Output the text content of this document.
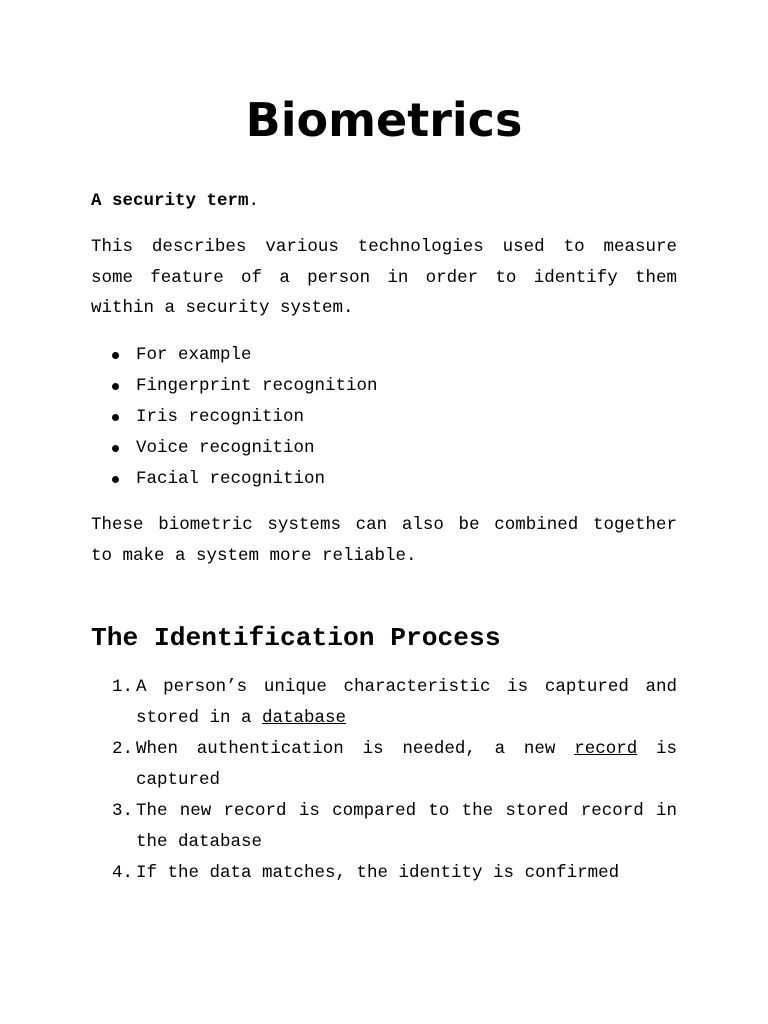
Biometrics

A security term.

This describes various technologies used to measure some feature of a person in order to identify them within a security system.

For example
Fingerprint recognition
Iris recognition
Voice recognition
Facial recognition

These biometric systems can also be combined together to make a system more reliable.

The Identification Process
1. A person’s unique characteristic is captured and stored in a database
2. When authentication is needed, a new record is captured
3. The new record is compared to the stored record in the database
4. If the data matches, the identity is confirmed
